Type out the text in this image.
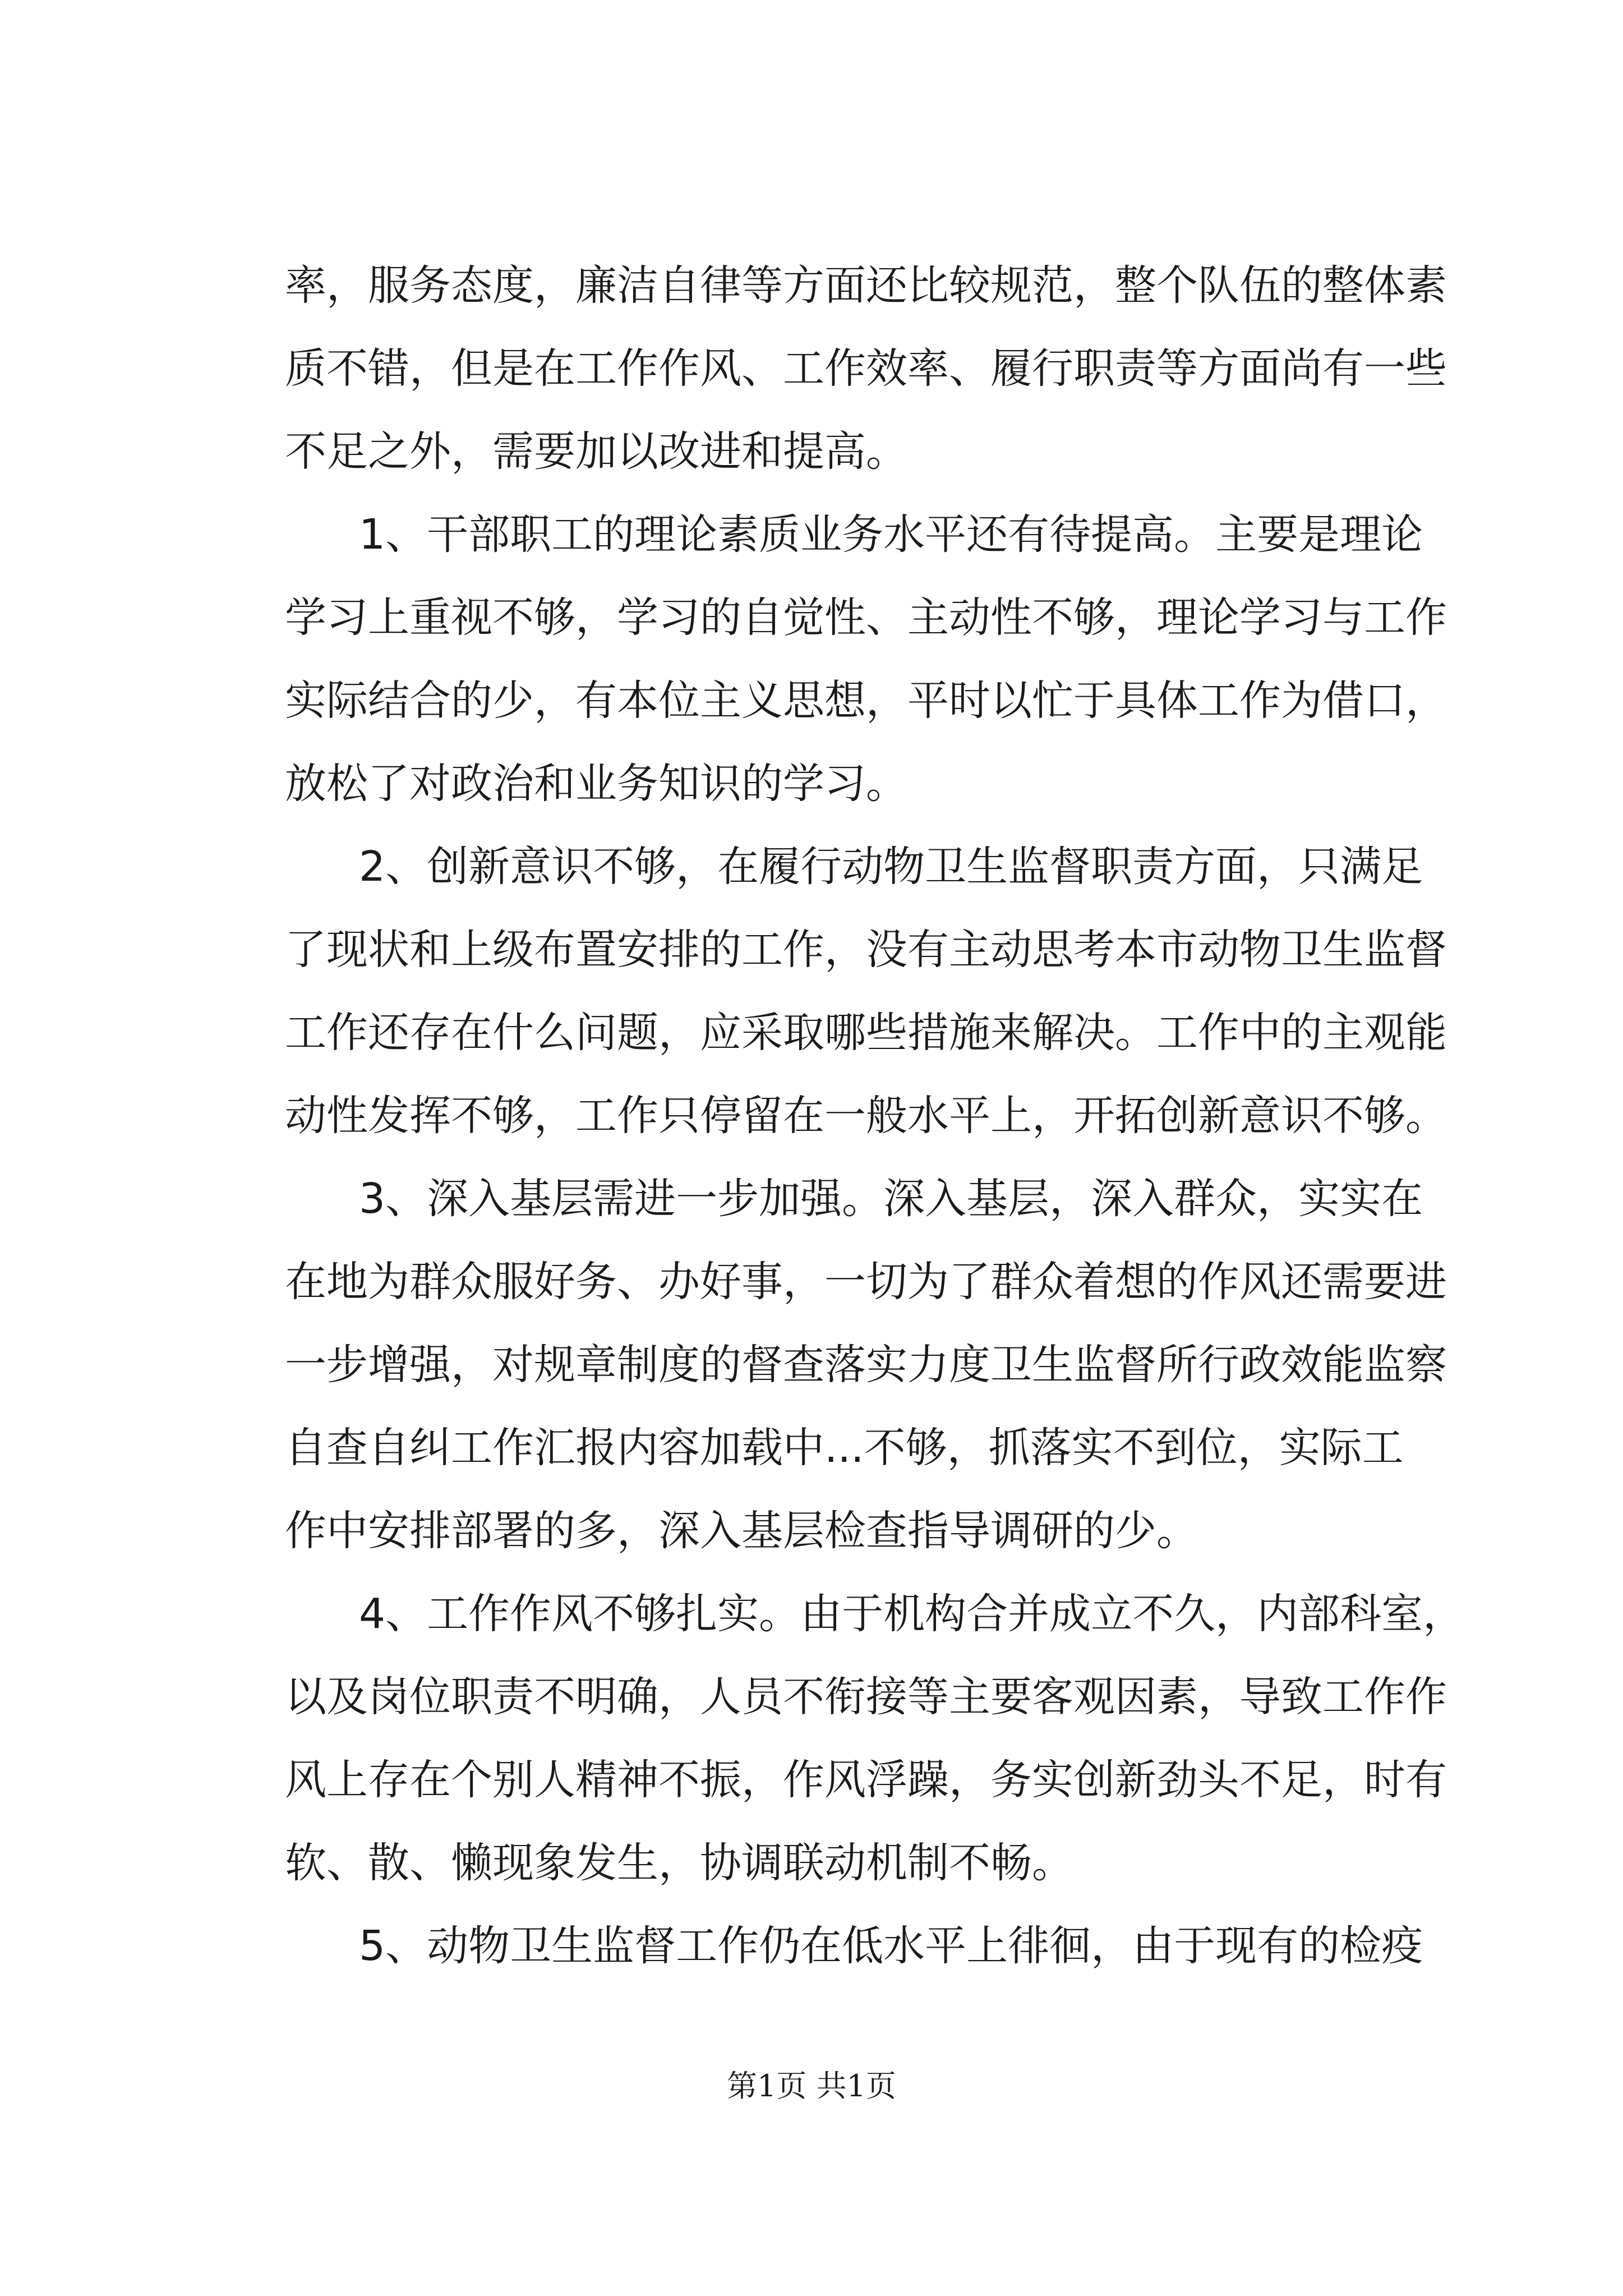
率，服务态度，廉洁自律等方面还比较规范，整个队伍的整体素
质不错，但是在工作作风、工作效率、履行职责等方面尚有一些
不足之外，需要加以改进和提高。
1、干部职工的理论素质业务水平还有待提高。主要是理论
学习上重视不够，学习的自觉性、主动性不够，理论学习与工作
实际结合的少，有本位主义思想，平时以忙于具体工作为借口，
放松了对政治和业务知识的学习。
2、创新意识不够，在履行动物卫生监督职责方面，只满足
了现状和上级布置安排的工作，没有主动思考本市动物卫生监督
工作还存在什么问题，应采取哪些措施来解决。工作中的主观能
动性发挥不够，工作只停留在一般水平上，开拓创新意识不够。
3、深入基层需进一步加强。深入基层，深入群众，实实在
在地为群众服好务、办好事，一切为了群众着想的作风还需要进
一步增强，对规章制度的督查落实力度卫生监督所行政效能监察
自查自纠工作汇报内容加载中...不够，抓落实不到位，实际工
作中安排部署的多，深入基层检查指导调研的少。
4、工作作风不够扎实。由于机构合并成立不久，内部科室，
以及岗位职责不明确，人员不衔接等主要客观因素，导致工作作
风上存在个别人精神不振，作风浮躁，务实创新劲头不足，时有
软、散、懒现象发生，协调联动机制不畅。
5、动物卫生监督工作仍在低水平上徘徊，由于现有的检疫
第1页 共1页
